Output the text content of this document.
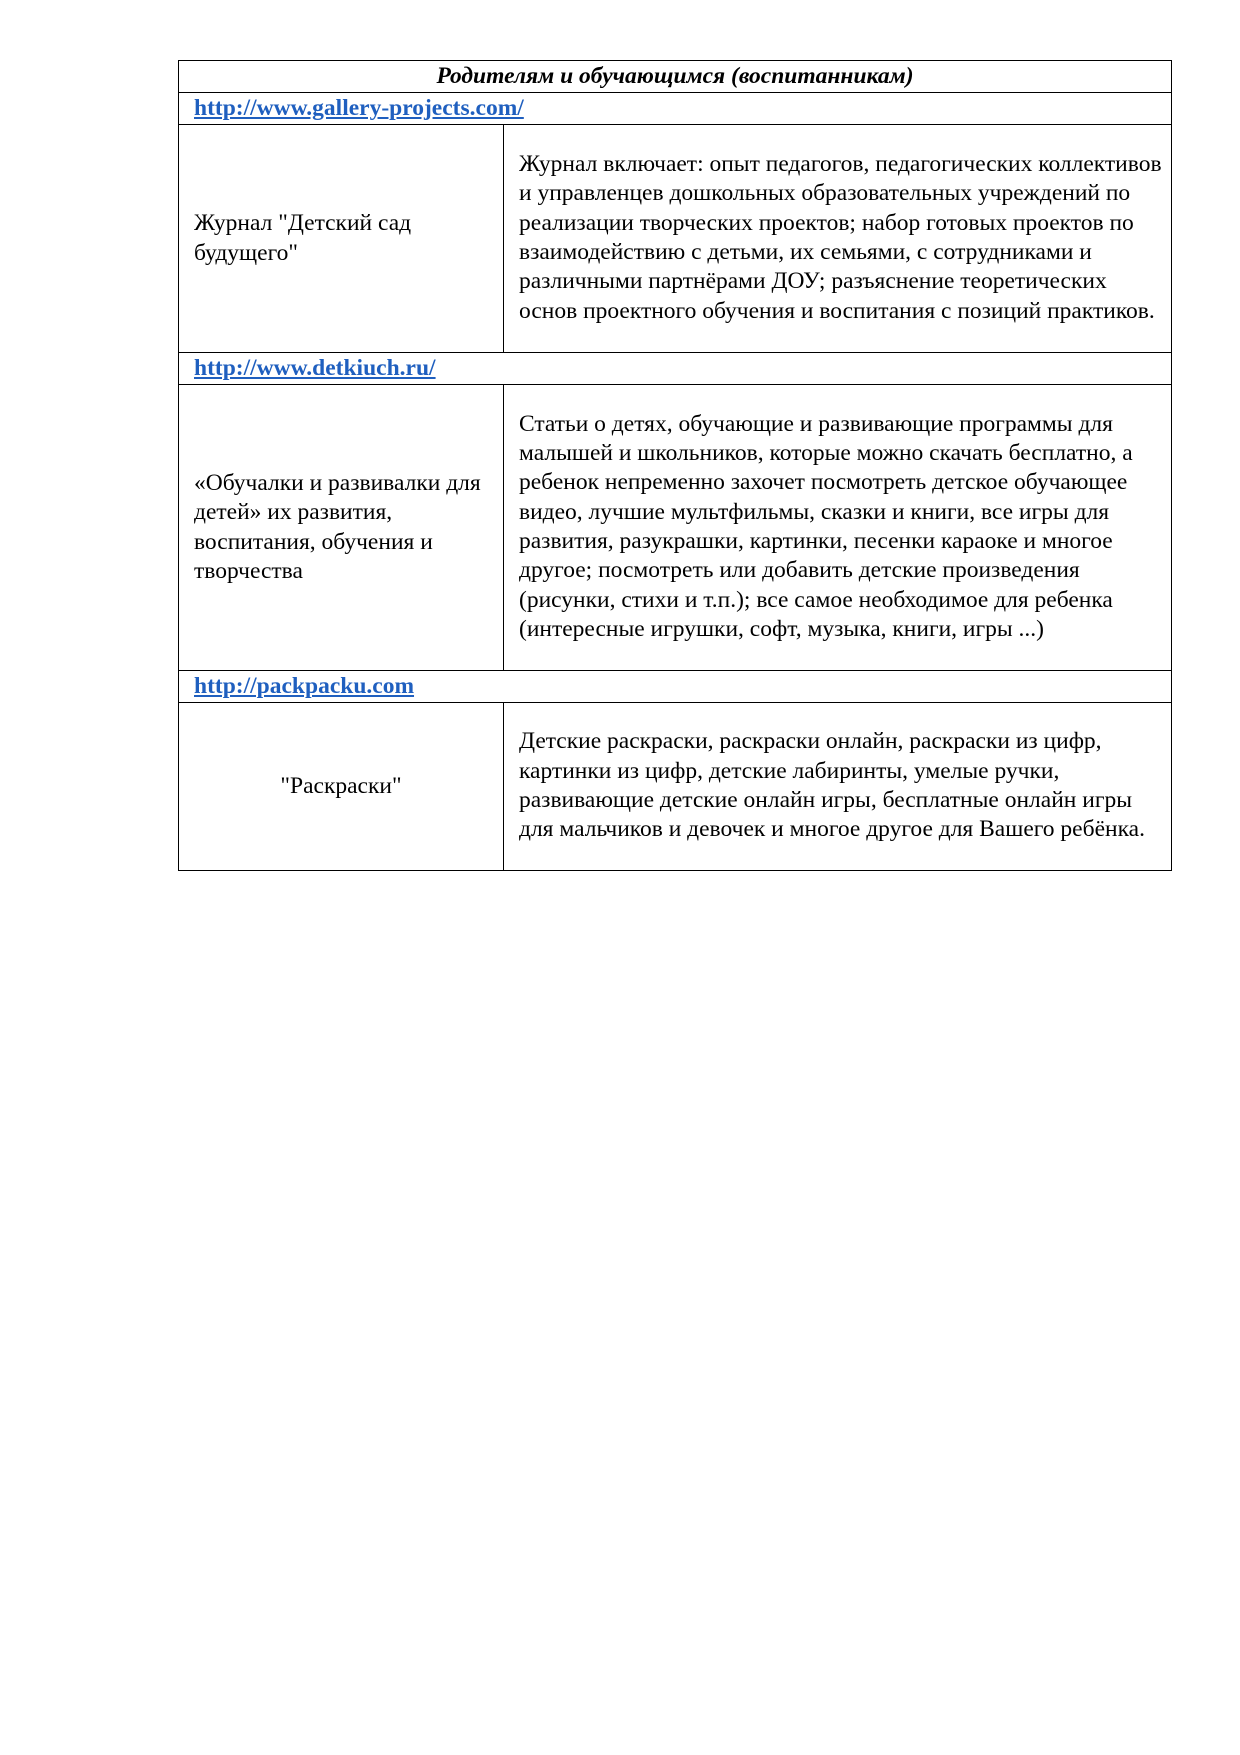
Родителям и обучающимся (воспитанникам)	
http://www.gallery-projects.com/	
Журнал "Детский сад будущего"	Журнал включает: опыт педагогов, педагогических коллективов и управленцев дошкольных образовательных учреждений по реализации творческих проектов; набор готовых проектов по взаимодействию с детьми, их семьями, с сотрудниками и различными партнёрами ДОУ; разъяснение теоретических основ проектного обучения и воспитания с позиций практиков.
http://www.detkiuch.ru/	
«Обучалки и развивалки для детей» их развития, воспитания, обучения и творчества	Статьи о детях, обучающие и развивающие программы для малышей и школьников, которые можно скачать бесплатно, а ребенок непременно захочет посмотреть детское обучающее видео, лучшие мультфильмы, сказки и книги, все игры для развития, разукрашки, картинки, песенки караоке и многое другое; посмотреть или добавить детские произведения (рисунки, стихи и т.п.); все самое необходимое для ребенка (интересные игрушки, софт, музыка, книги, игры ...)
http://packpacku.com	
"Раскраски"	Детские раскраски, раскраски онлайн, раскраски из цифр, картинки из цифр, детские лабиринты, умелые ручки, развивающие детские онлайн игры, бесплатные онлайн игры для мальчиков и девочек и многое другое для Вашего ребёнка.
